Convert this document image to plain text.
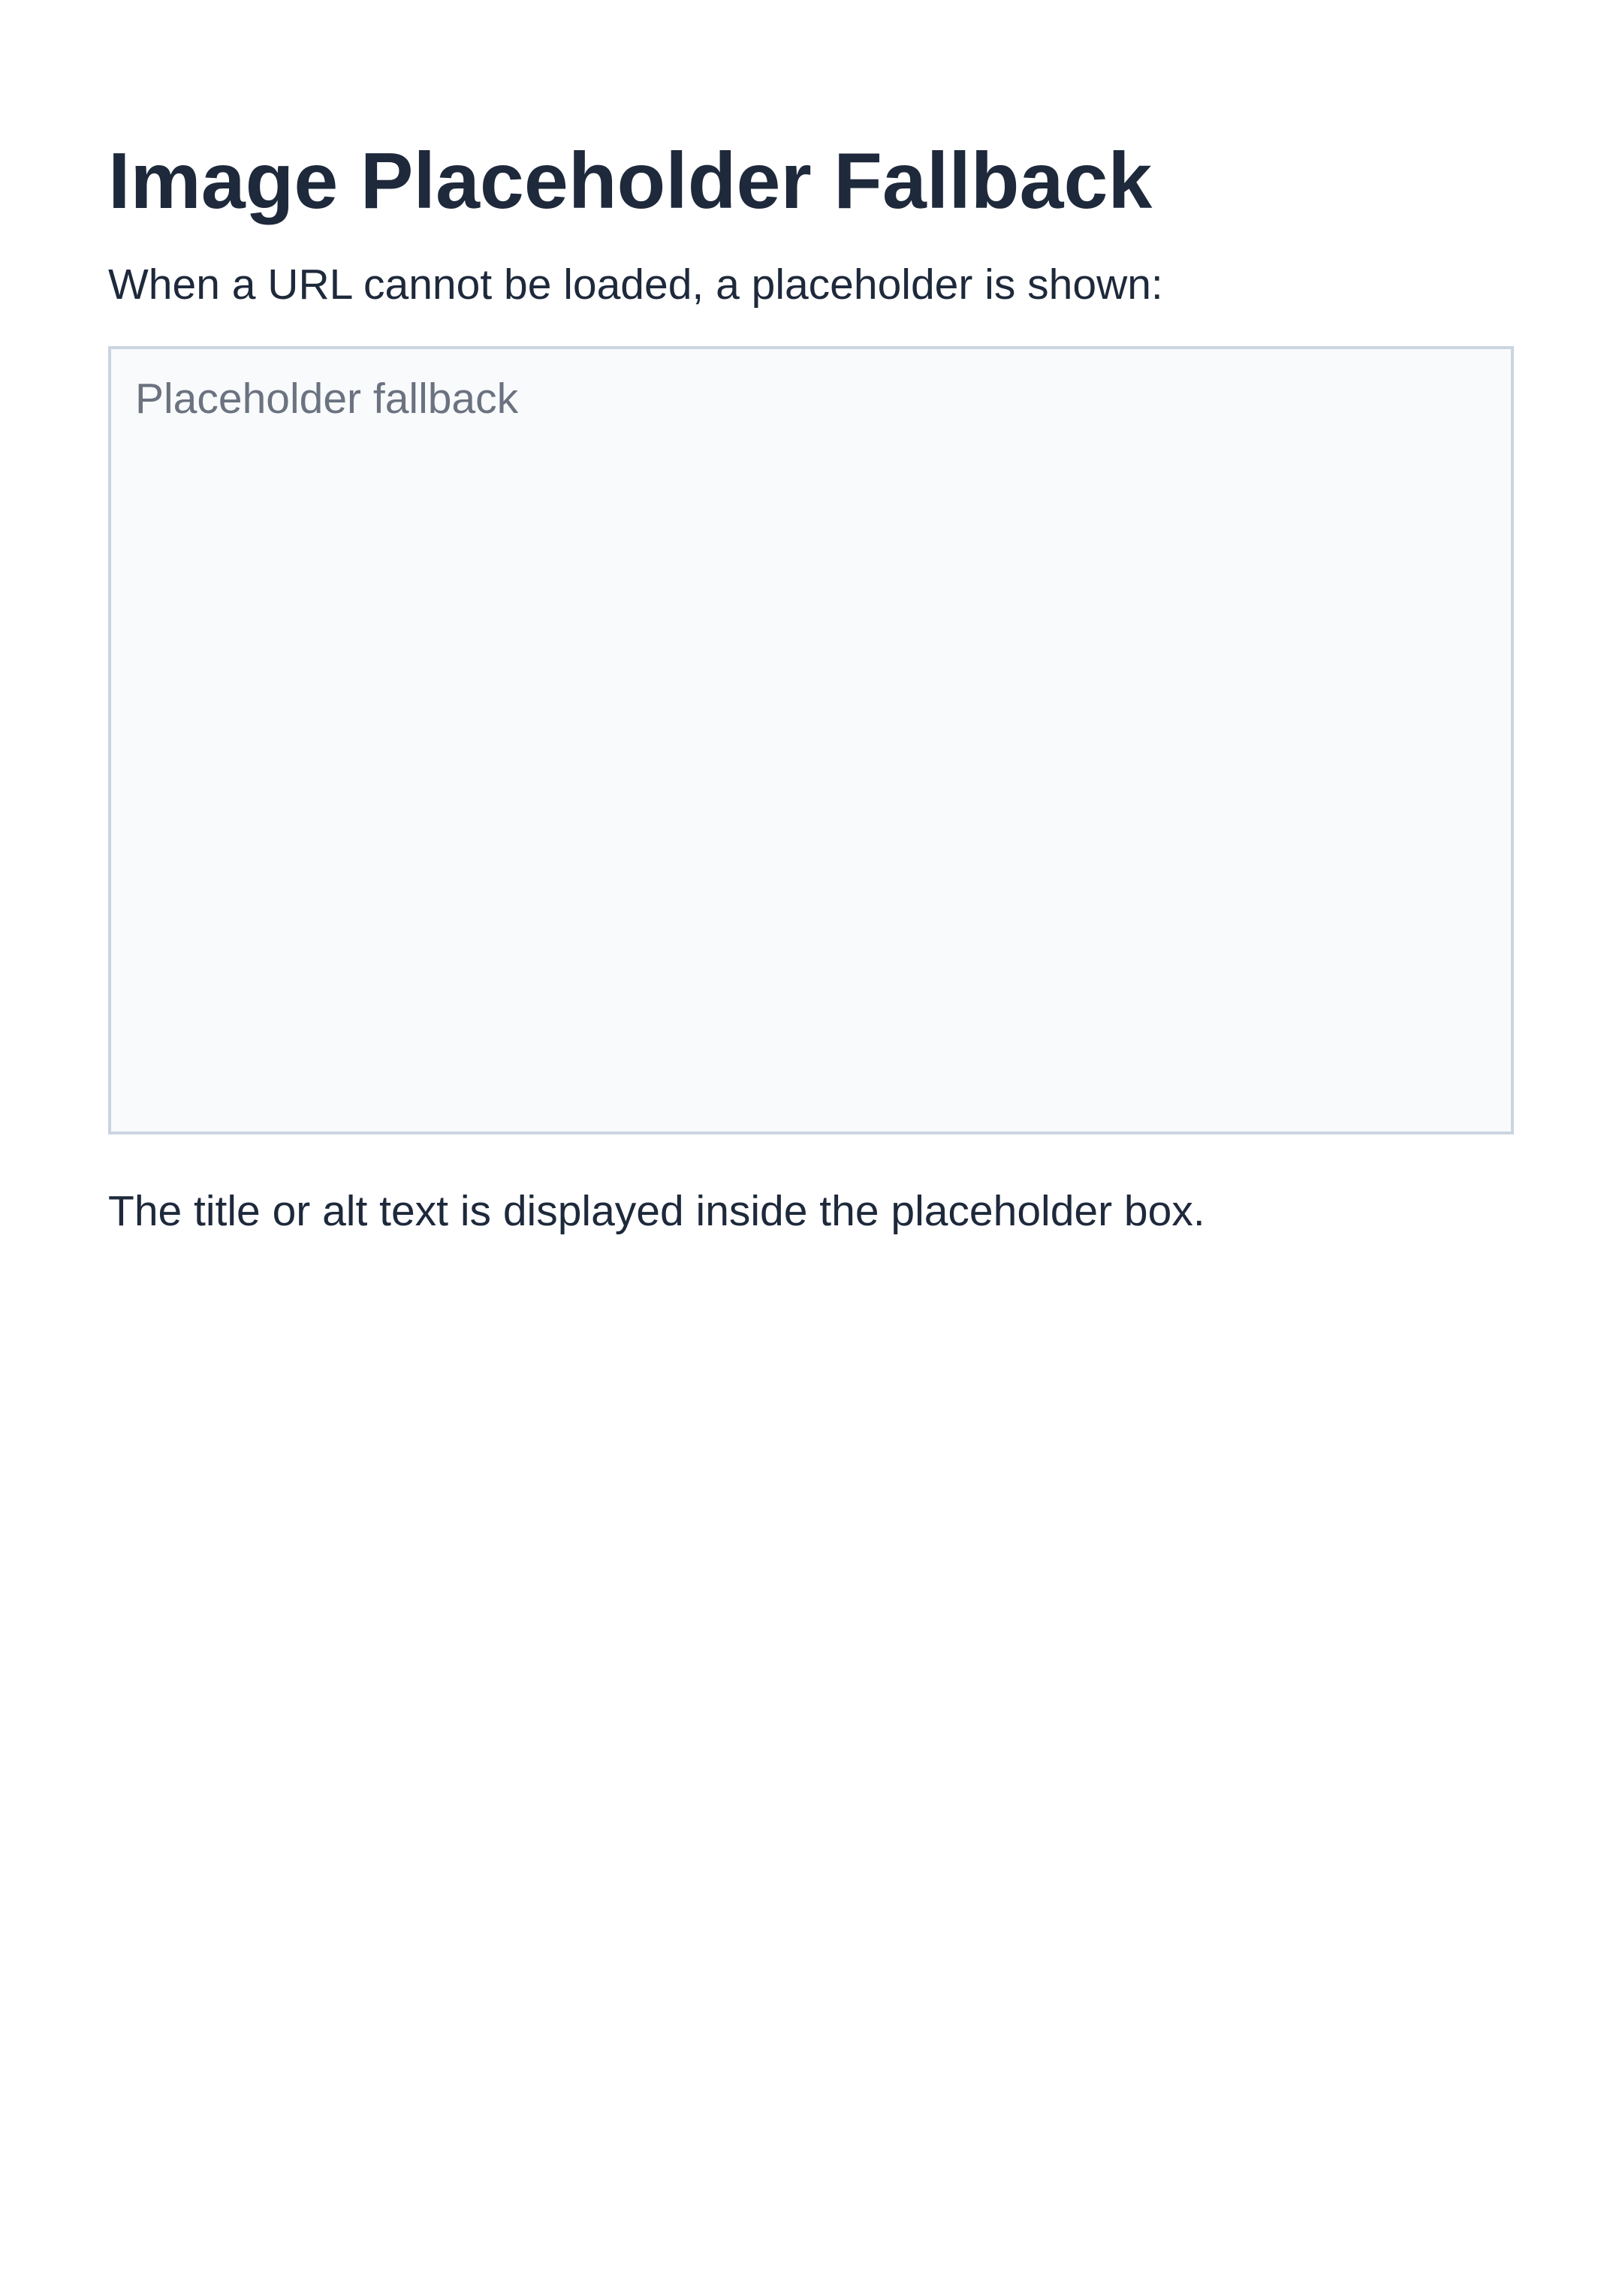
Image Placeholder Fallback

When a URL cannot be loaded, a placeholder is shown:

Placeholder fallback

The title or alt text is displayed inside the placeholder box.
